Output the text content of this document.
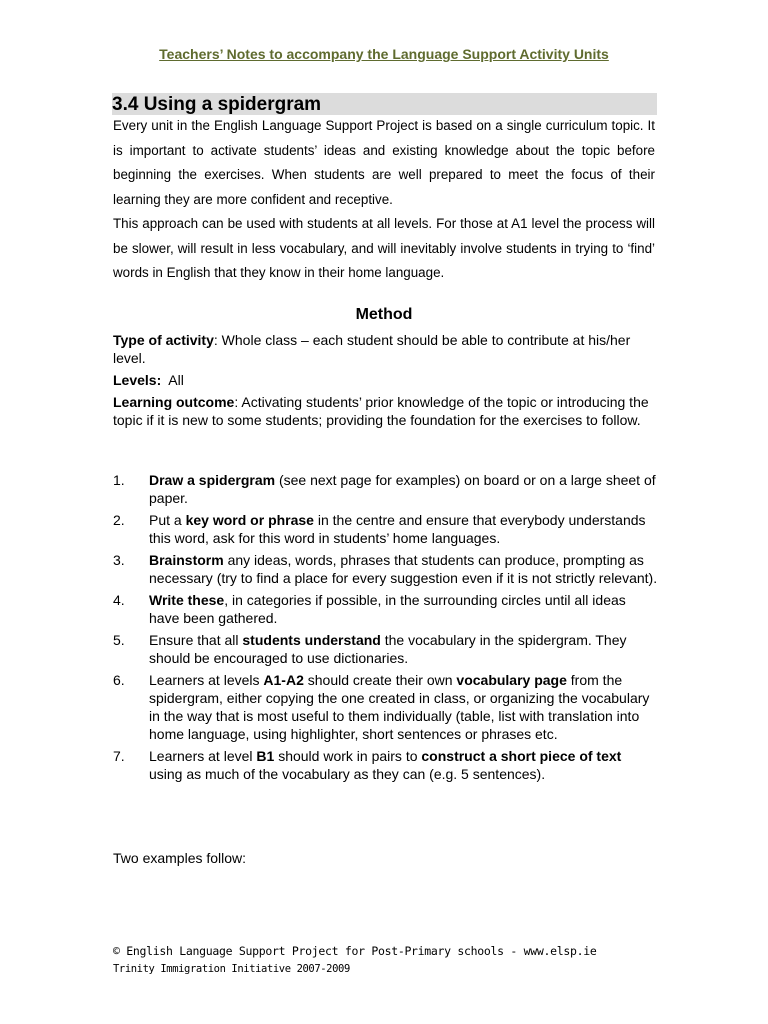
Teachers’ Notes to accompany the Language Support Activity Units
3.4 Using a spidergram

Every unit in the English Language Support Project is based on a single curriculum topic. It is important to activate students’ ideas and existing knowledge about the topic before beginning the exercises. When students are well prepared to meet the focus of their learning they are more confident and receptive.

This approach can be used with students at all levels. For those at A1 level the process will be slower, will result in less vocabulary, and will inevitably involve students in trying to ‘find’ words in English that they know in their home language.

Method
Type of activity: Whole class – each student should be able to contribute at his/her level.
Levels:  All
Learning outcome: Activating students’ prior knowledge of the topic or introducing the topic if it is new to some students; providing the foundation for the exercises to follow.
1. Draw a spidergram (see next page for examples) on board or on a large sheet of paper.
2. Put a key word or phrase in the centre and ensure that everybody understands this word, ask for this word in students’ home languages.
3. Brainstorm any ideas, words, phrases that students can produce, prompting as necessary (try to find a place for every suggestion even if it is not strictly relevant).
4. Write these, in categories if possible, in the surrounding circles until all ideas have been gathered.
5. Ensure that all students understand the vocabulary in the spidergram. They should be encouraged to use dictionaries.
6. Learners at levels A1-A2 should create their own vocabulary page from the spidergram, either copying the one created in class, or organizing the vocabulary in the way that is most useful to them individually (table, list with translation into home language, using highlighter, short sentences or phrases etc.
7. Learners at level B1 should work in pairs to construct a short piece of text using as much of the vocabulary as they can (e.g. 5 sentences).
Two examples follow:
© English Language Support Project for Post-Primary schools - www.elsp.ie
Trinity Immigration Initiative 2007-2009
